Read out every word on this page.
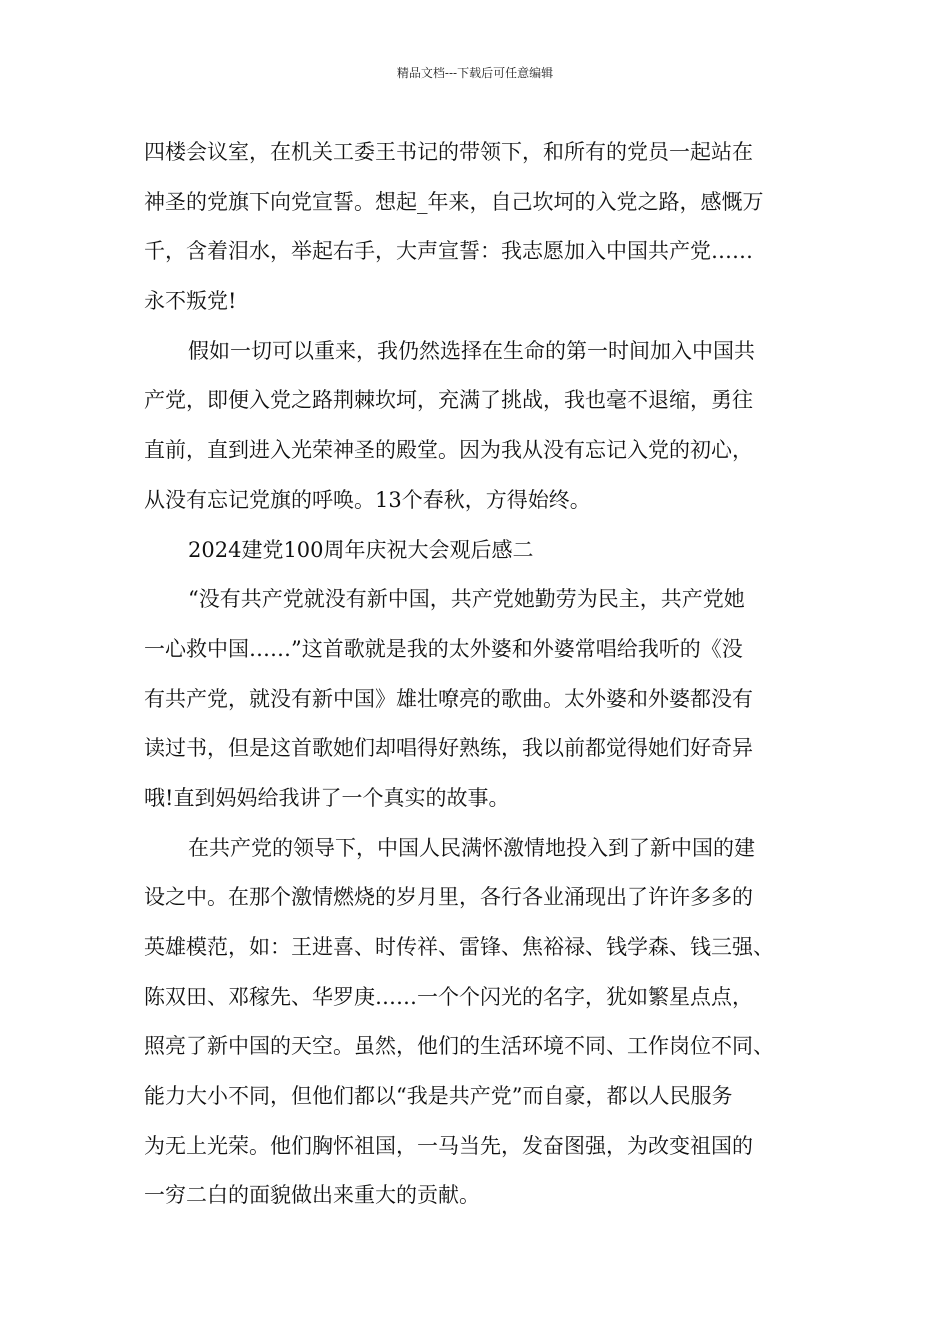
精品文档---下载后可任意编辑
四楼会议室，在机关工委王书记的带领下，和所有的党员一起站在
神圣的党旗下向党宣誓。想起_年来，自己坎坷的入党之路，感慨万
千，含着泪水，举起右手，大声宣誓：我志愿加入中国共产党……
永不叛党!
假如一切可以重来，我仍然选择在生命的第一时间加入中国共
产党，即便入党之路荆棘坎坷，充满了挑战，我也毫不退缩，勇往
直前，直到进入光荣神圣的殿堂。因为我从没有忘记入党的初心，
从没有忘记党旗的呼唤。13个春秋，方得始终。
2024建党100周年庆祝大会观后感二
“没有共产党就没有新中国，共产党她勤劳为民主，共产党她
一心救中国……”这首歌就是我的太外婆和外婆常唱给我听的《没
有共产党，就没有新中国》雄壮嘹亮的歌曲。太外婆和外婆都没有
读过书，但是这首歌她们却唱得好熟练，我以前都觉得她们好奇异
哦!直到妈妈给我讲了一个真实的故事。
在共产党的领导下，中国人民满怀激情地投入到了新中国的建
设之中。在那个激情燃烧的岁月里，各行各业涌现出了许许多多的
英雄模范，如：王进喜、时传祥、雷锋、焦裕禄、钱学森、钱三强、
陈双田、邓稼先、华罗庚……一个个闪光的名字，犹如繁星点点，
照亮了新中国的天空。虽然，他们的生活环境不同、工作岗位不同、
能力大小不同，但他们都以“我是共产党”而自豪，都以人民服务
为无上光荣。他们胸怀祖国，一马当先，发奋图强，为改变祖国的
一穷二白的面貌做出来重大的贡献。
